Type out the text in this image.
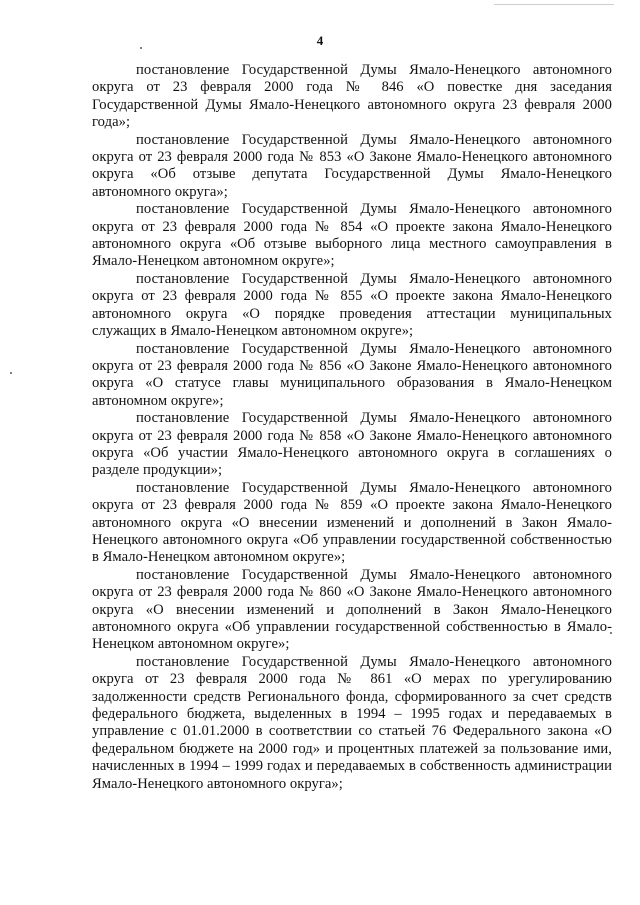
4

постановление Государственной Думы Ямало-Ненецкого автономного округа от 23 февраля 2000 года № 846 «О повестке дня заседания Государственной Думы Ямало-Ненецкого автономного округа 23 февраля 2000 года»;

постановление Государственной Думы Ямало-Ненецкого автономного округа от 23 февраля 2000 года № 853 «О Законе Ямало-Ненецкого автономного округа «Об отзыве депутата Государственной Думы Ямало-Ненецкого автономного округа»;

постановление Государственной Думы Ямало-Ненецкого автономного округа от 23 февраля 2000 года № 854 «О проекте закона Ямало-Ненецкого автономного округа «Об отзыве выборного лица местного самоуправления в Ямало-Ненецком автономном округе»;

постановление Государственной Думы Ямало-Ненецкого автономного округа от 23 февраля 2000 года № 855 «О проекте закона Ямало-Ненецкого автономного округа «О порядке проведения аттестации муниципальных служащих в Ямало-Ненецком автономном округе»;

постановление Государственной Думы Ямало-Ненецкого автономного округа от 23 февраля 2000 года № 856 «О Законе Ямало-Ненецкого автономного округа «О статусе главы муниципального образования в Ямало-Ненецком автономном округе»;

постановление Государственной Думы Ямало-Ненецкого автономного округа от 23 февраля 2000 года № 858 «О Законе Ямало-Ненецкого автономного округа «Об участии Ямало-Ненецкого автономного округа в соглашениях о разделе продукции»;

постановление Государственной Думы Ямало-Ненецкого автономного округа от 23 февраля 2000 года № 859 «О проекте закона Ямало-Ненецкого автономного округа «О внесении изменений и дополнений в Закон Ямало-Ненецкого автономного округа «Об управлении государственной собственностью в Ямало-Ненецком автономном округе»;

постановление Государственной Думы Ямало-Ненецкого автономного округа от 23 февраля 2000 года № 860 «О Законе Ямало-Ненецкого автономного округа «О внесении изменений и дополнений в Закон Ямало-Ненецкого автономного округа «Об управлении государственной собственностью в Ямало-Ненецком автономном округе»;

постановление Государственной Думы Ямало-Ненецкого автономного округа от 23 февраля 2000 года № 861 «О мерах по урегулированию задолженности средств Регионального фонда, сформированного за счет средств федерального бюджета, выделенных в 1994 – 1995 годах и передаваемых в управление с 01.01.2000 в соответствии со статьей 76 Федерального закона «О федеральном бюджете на 2000 год» и процентных платежей за пользование ими, начисленных в 1994 – 1999 годах и передаваемых в собственность администрации Ямало-Ненецкого автономного округа»;
